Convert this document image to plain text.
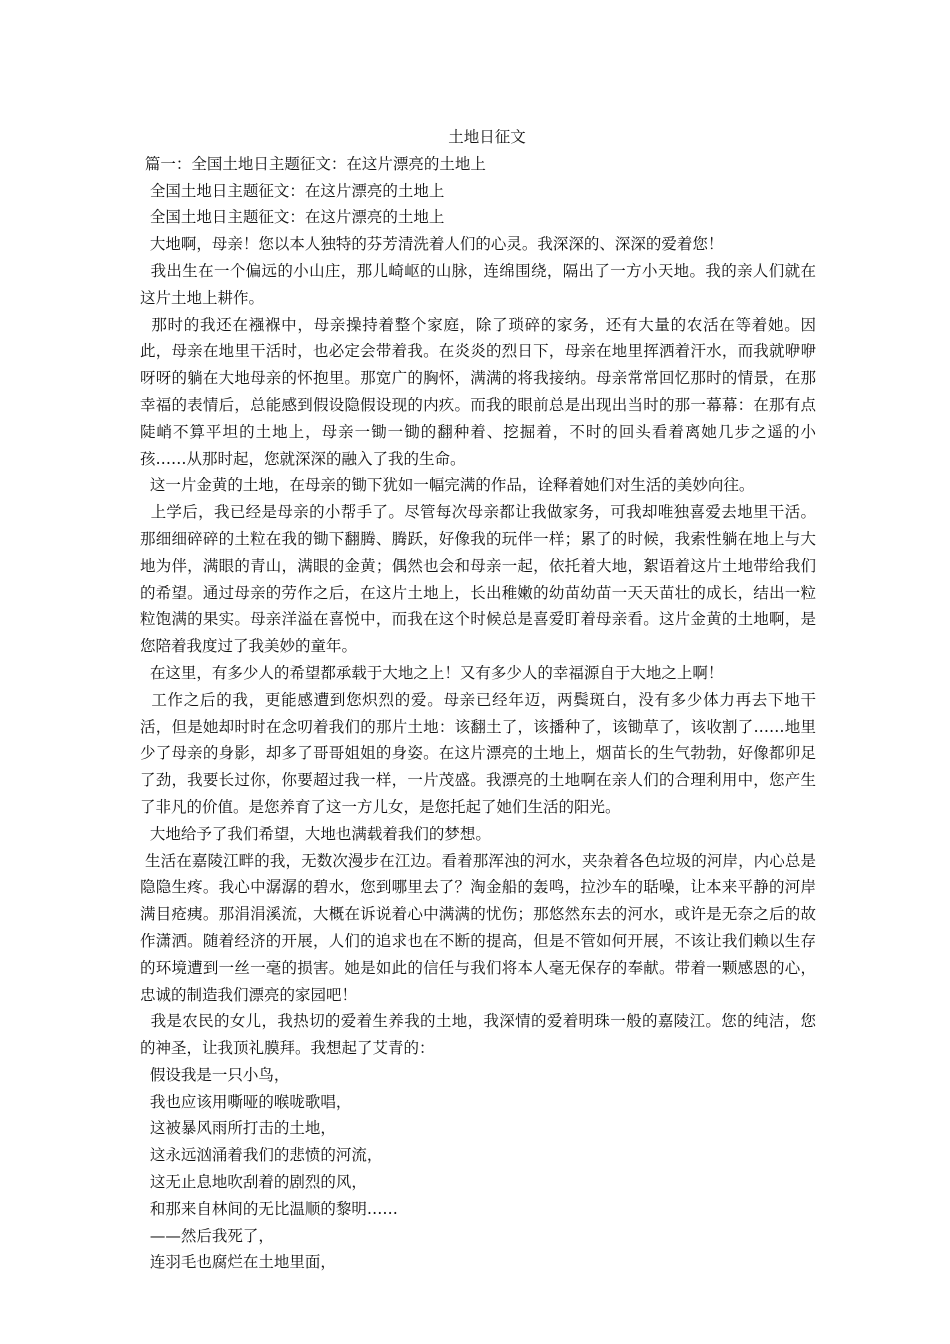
土地日征文

篇一：全国土地日主题征文：在这片漂亮的土地上

全国土地日主题征文：在这片漂亮的土地上

全国土地日主题征文：在这片漂亮的土地上

大地啊，母亲！您以本人独特的芬芳清洗着人们的心灵。我深深的、深深的爱着您！

我出生在一个偏远的小山庄，那儿崎岖的山脉，连绵围绕，隔出了一方小天地。我的亲人们就在这片土地上耕作。

那时的我还在襁褓中，母亲操持着整个家庭，除了琐碎的家务，还有大量的农活在等着她。因此，母亲在地里干活时，也必定会带着我。在炎炎的烈日下，母亲在地里挥洒着汗水，而我就咿咿呀呀的躺在大地母亲的怀抱里。那宽广的胸怀，满满的将我接纳。母亲常常回忆那时的情景，在那幸福的表情后，总能感到假设隐假设现的内疚。而我的眼前总是出现出当时的那一幕幕：在那有点陡峭不算平坦的土地上，母亲一锄一锄的翻种着、挖掘着，不时的回头看着离她几步之遥的小孩……从那时起，您就深深的融入了我的生命。

这一片金黄的土地，在母亲的锄下犹如一幅完满的作品，诠释着她们对生活的美妙向往。

上学后，我已经是母亲的小帮手了。尽管每次母亲都让我做家务，可我却唯独喜爱去地里干活。那细细碎碎的土粒在我的锄下翻腾、腾跃，好像我的玩伴一样；累了的时候，我索性躺在地上与大地为伴，满眼的青山，满眼的金黄；偶然也会和母亲一起，依托着大地，絮语着这片土地带给我们的希望。通过母亲的劳作之后，在这片土地上，长出稚嫩的幼苗幼苗一天天苗壮的成长，结出一粒粒饱满的果实。母亲洋溢在喜悦中，而我在这个时候总是喜爱盯着母亲看。这片金黄的土地啊，是您陪着我度过了我美妙的童年。

在这里，有多少人的希望都承载于大地之上！又有多少人的幸福源自于大地之上啊！

工作之后的我，更能感遭到您炽烈的爱。母亲已经年迈，两鬓斑白，没有多少体力再去下地干活，但是她却时时在念叨着我们的那片土地：该翻土了，该播种了，该锄草了，该收割了……地里少了母亲的身影，却多了哥哥姐姐的身姿。在这片漂亮的土地上，烟苗长的生气勃勃，好像都卯足了劲，我要长过你，你要超过我一样，一片茂盛。我漂亮的土地啊在亲人们的合理利用中，您产生了非凡的价值。是您养育了这一方儿女，是您托起了她们生活的阳光。

大地给予了我们希望，大地也满载着我们的梦想。

生活在嘉陵江畔的我，无数次漫步在江边。看着那浑浊的河水，夹杂着各色垃圾的河岸，内心总是隐隐生疼。我心中潺潺的碧水，您到哪里去了？淘金船的轰鸣，拉沙车的聒噪，让本来平静的河岸满目疮痍。那涓涓溪流，大概在诉说着心中满满的忧伤；那悠然东去的河水，或许是无奈之后的故作潇洒。随着经济的开展，人们的追求也在不断的提高，但是不管如何开展，不该让我们赖以生存的环境遭到一丝一毫的损害。她是如此的信任与我们将本人毫无保存的奉献。带着一颗感恩的心，忠诚的制造我们漂亮的家园吧！

我是农民的女儿，我热切的爱着生养我的土地，我深情的爱着明珠一般的嘉陵江。您的纯洁，您的神圣，让我顶礼膜拜。我想起了艾青的：

假设我是一只小鸟，

我也应该用嘶哑的喉咙歌唱，

这被暴风雨所打击的土地，

这永远汹涌着我们的悲愤的河流，

这无止息地吹刮着的剧烈的风，

和那来自林间的无比温顺的黎明……

——然后我死了，

连羽毛也腐烂在土地里面，
